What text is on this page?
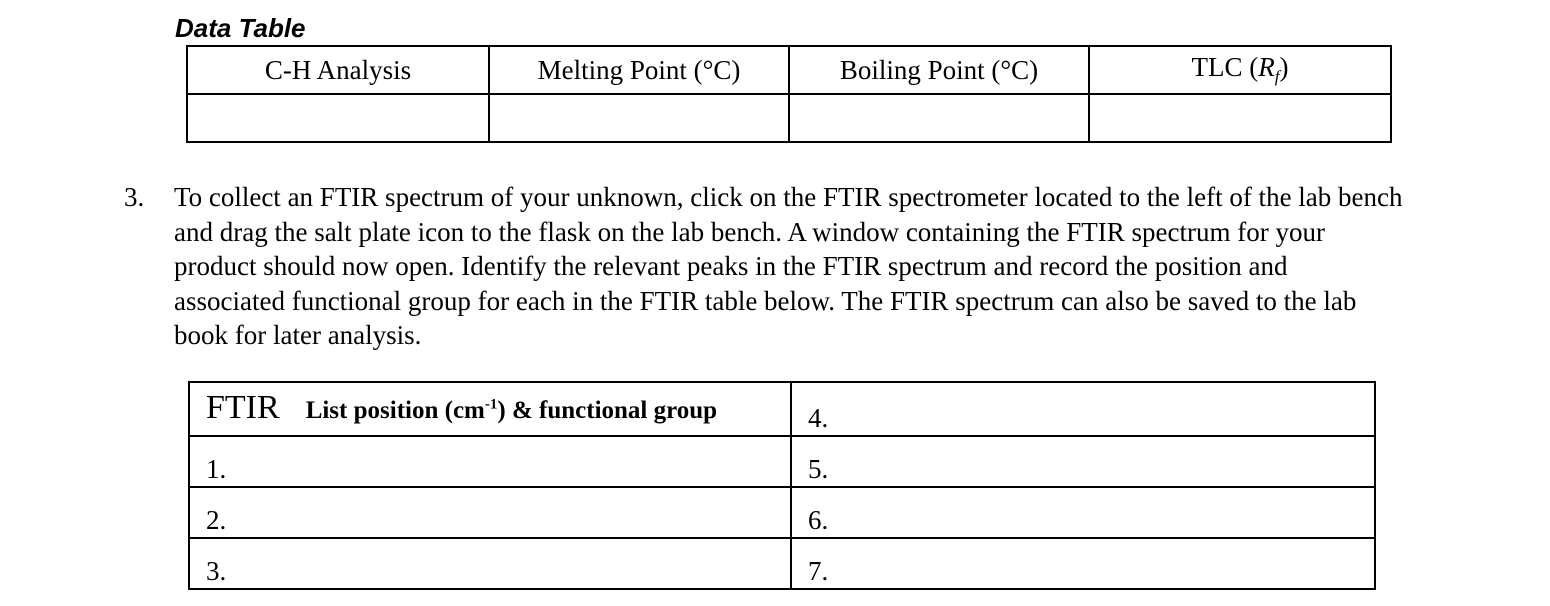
Data Table
C-H Analysis	Melting Point (°C)	Boiling Point (°C)	TLC $(R_f)$

3. To collect an FTIR spectrum of your unknown, click on the FTIR spectrometer located to the left of the lab bench and drag the salt plate icon to the flask on the lab bench. A window containing the FTIR spectrum for your product should now open. Identify the relevant peaks in the FTIR spectrum and record the position and associated functional group for each in the FTIR table below. The FTIR spectrum can also be saved to the lab book for later analysis.
FTIR List position $(cm^{-1})$ & functional group	4.
1.	5.
2.	6.
3.	7.
